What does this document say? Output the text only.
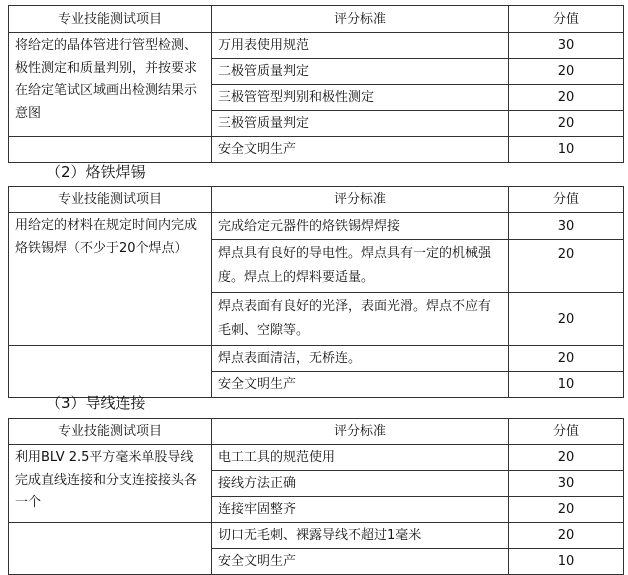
专业技能测试项目	评分标准	分值
将给定的晶体管进行管型检测、极性测定和质量判别，并按要求在给定笔试区域画出检测结果示意图	万用表使用规范	30
	二极管质量判定	20
	三极管管型判别和极性测定	20
	三极管质量判定	20
	安全文明生产	10
（2）烙铁焊锡
专业技能测试项目	评分标准	分值
用给定的材料在规定时间内完成烙铁锡焊（不少于20个焊点）	完成给定元器件的烙铁锡焊焊接	30
	焊点具有良好的导电性。焊点具有一定的机械强度。焊点上的焊料要适量。	20
	焊点表面有良好的光泽，表面光滑。焊点不应有毛刺、空隙等。	20
	焊点表面清洁，无桥连。	20
	安全文明生产	10
（3）导线连接
专业技能测试项目	评分标准	分值
利用BLV 2.5平方毫米单股导线完成直线连接和分支连接接头各一个	电工工具的规范使用	20
	接线方法正确	30
	连接牢固整齐	20
	切口无毛刺、裸露导线不超过1毫米	20
	安全文明生产	10
